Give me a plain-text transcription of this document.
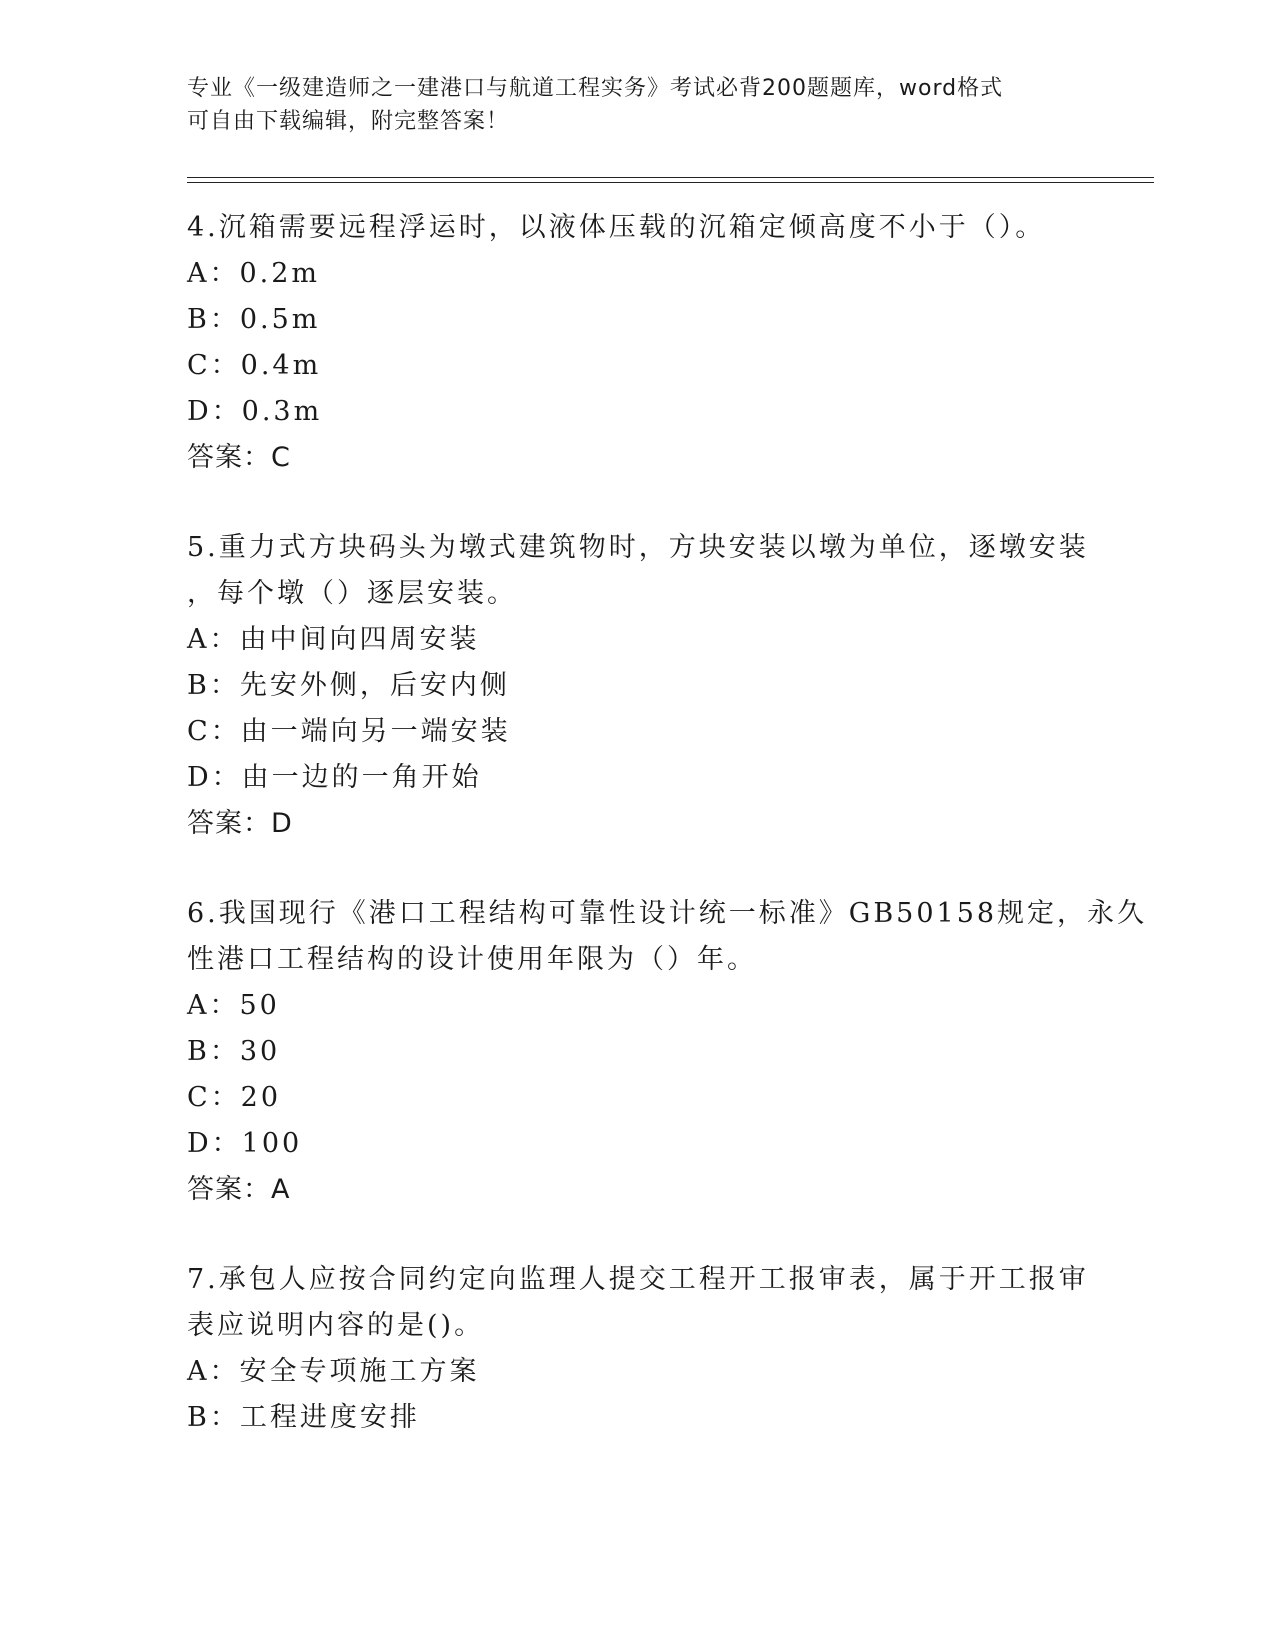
专业《一级建造师之一建港口与航道工程实务》考试必背200题题库，word格式
可自由下载编辑，附完整答案！
4.沉箱需要远程浮运时，以液体压载的沉箱定倾高度不小于（）。
A：0.2m
B：0.5m
C：0.4m
D：0.3m
答案：C
5.重力式方块码头为墩式建筑物时，方块安装以墩为单位，逐墩安装
，每个墩（）逐层安装。
A：由中间向四周安装
B：先安外侧，后安内侧
C：由一端向另一端安装
D：由一边的一角开始
答案：D
6.我国现行《港口工程结构可靠性设计统一标准》GB50158规定，永久
性港口工程结构的设计使用年限为（）年。
A：50
B：30
C：20
D：100
答案：A
7.承包人应按合同约定向监理人提交工程开工报审表，属于开工报审
表应说明内容的是()。
A：安全专项施工方案
B：工程进度安排
